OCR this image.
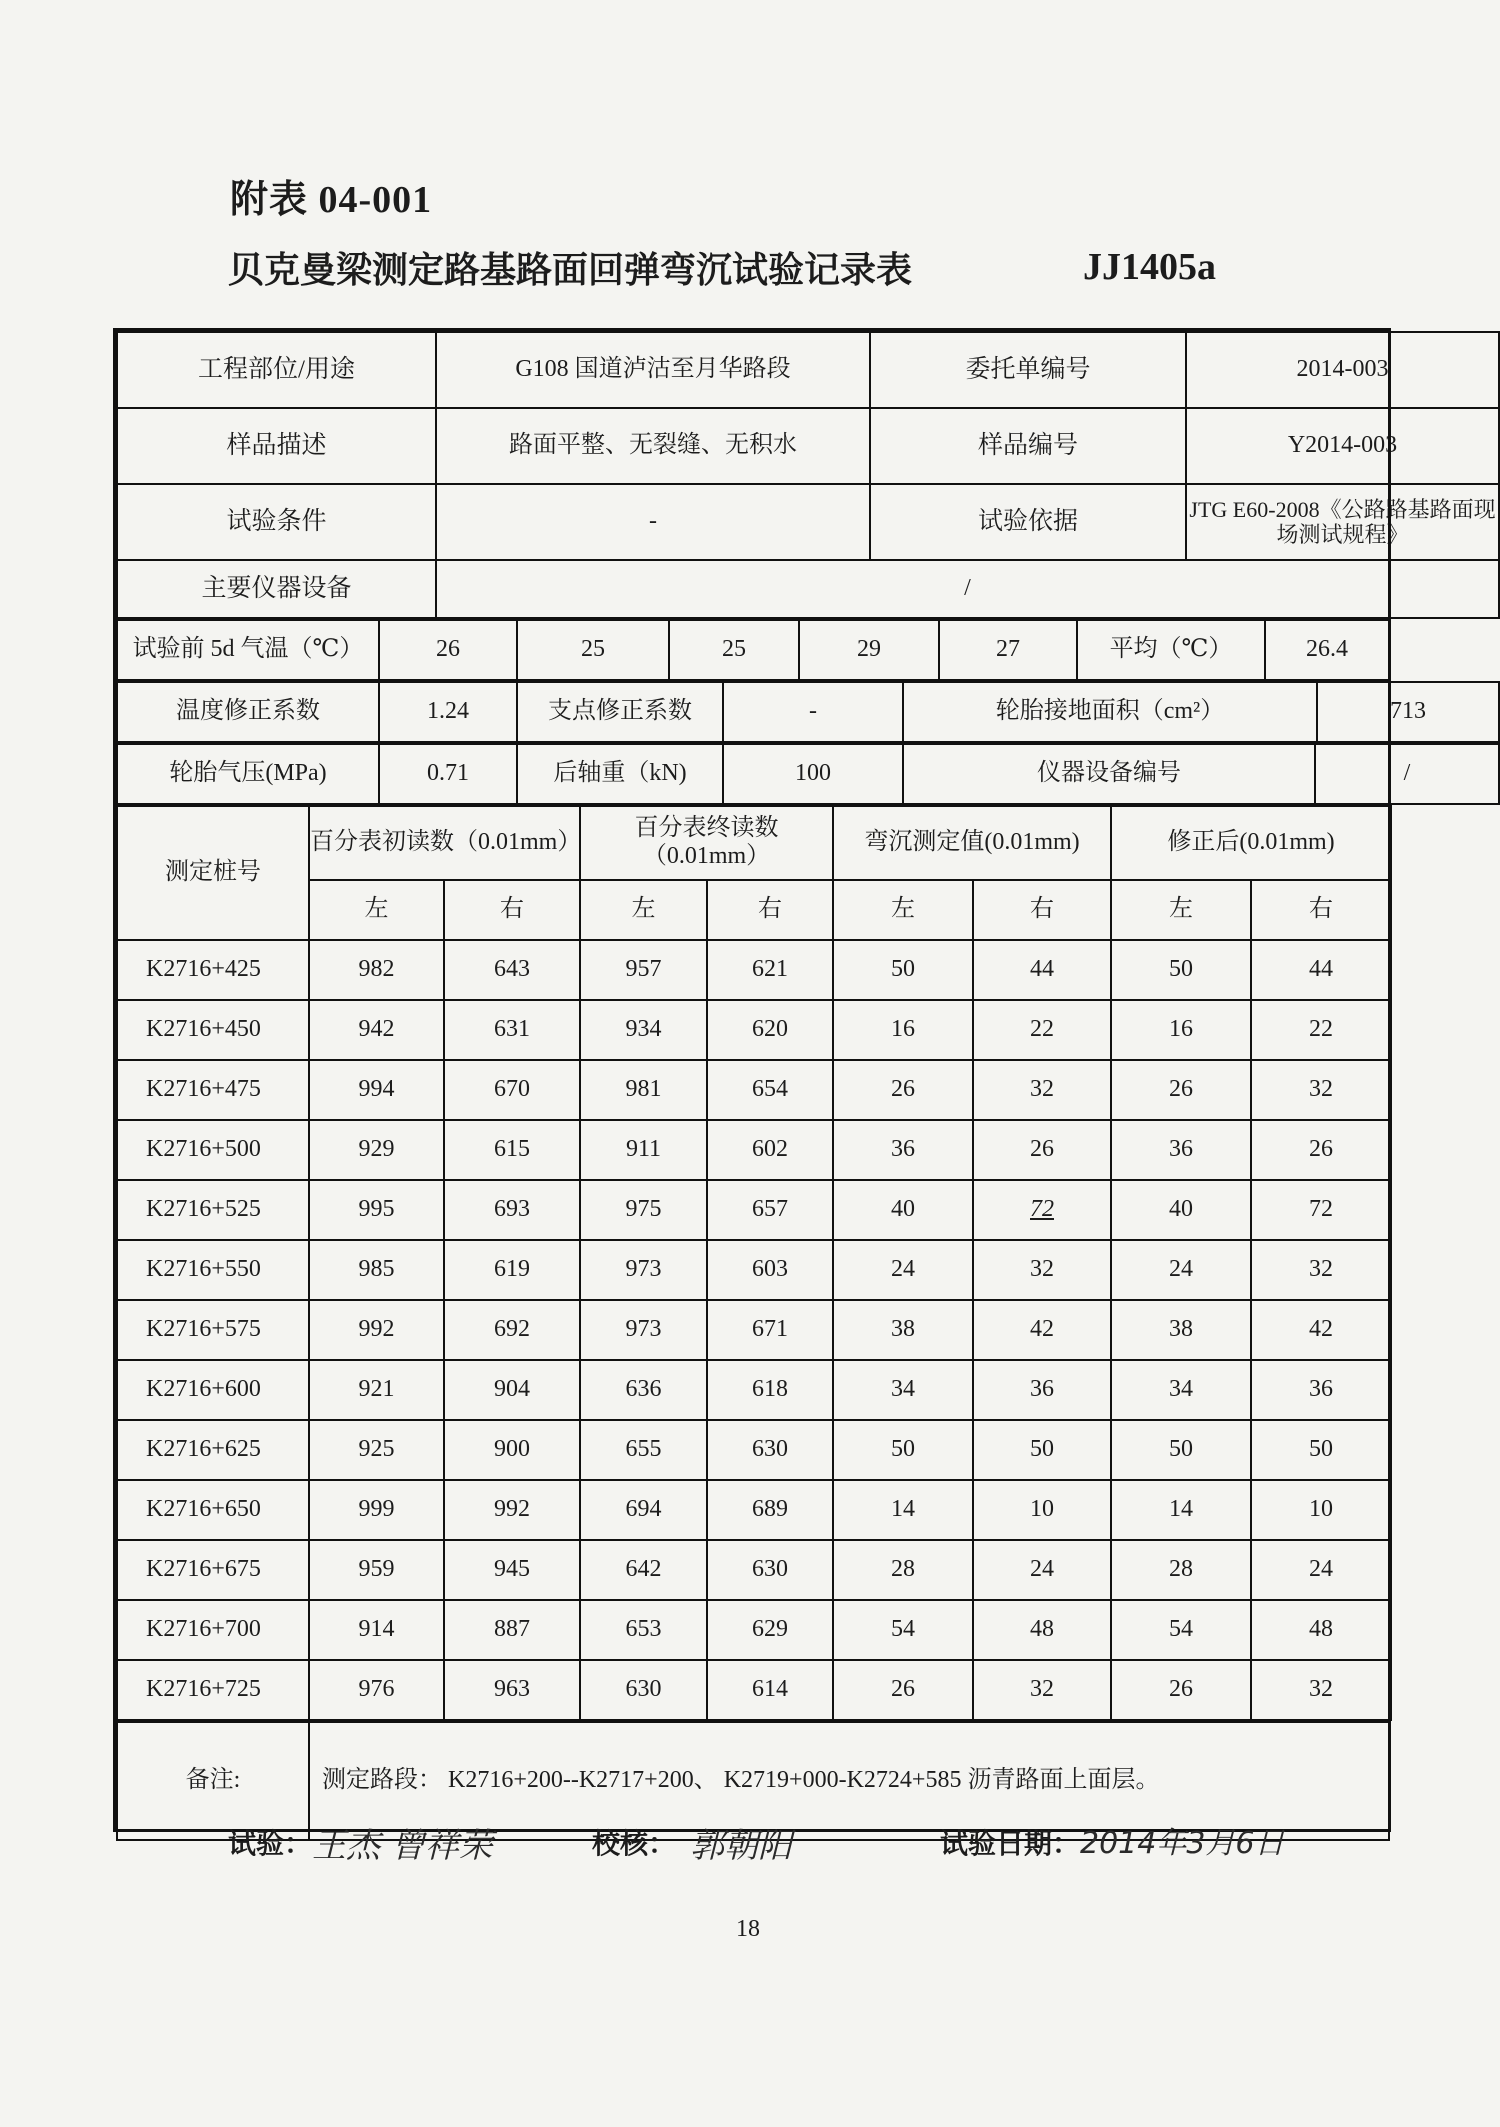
附表 04-001
贝克曼梁测定路基路面回弹弯沉试验记录表	JJ1405a
工程部位/用途	G108 国道泸沽至月华路段	委托单编号	2014-003
样品描述	路面平整、无裂缝、无积水	样品编号	Y2014-003
试验条件	-	试验依据	JTG E60-2008《公路路基路面现场测试规程》
主要仪器设备	/		
试验前 5d 气温（℃）	26	25	25	29	27	平均（℃）	26.4
温度修正系数	1.24	支点修正系数	-	轮胎接地面积（cm²）	713
轮胎气压(MPa)	0.71	后轴重（kN)	100	仪器设备编号	/
测定桩号	百分表初读数（0.01mm）		百分表终读数（0.01mm）		弯沉测定值(0.01mm)		修正后(0.01mm)	
	左	右	左	右	左	右	左	右
K2716+425	982	643	957	621	50	44	50	44
K2716+450	942	631	934	620	16	22	16	22
K2716+475	994	670	981	654	26	32	26	32
K2716+500	929	615	911	602	36	26	36	26
K2716+525	995	693	975	657	40	72	40	72
K2716+550	985	619	973	603	24	32	24	32
K2716+575	992	692	973	671	38	42	38	42
K2716+600	921	904	636	618	34	36	34	36
K2716+625	925	900	655	630	50	50	50	50
K2716+650	999	992	694	689	14	10	14	10
K2716+675	959	945	642	630	28	24	28	24
K2716+700	914	887	653	629	54	48	54	48
K2716+725	976	963	630	614	26	32	26	32
备注:	测定路段： K2716+200--K2717+200、 K2719+000-K2724+585 沥青路面上面层。
试验： 王杰 曾祥荣	校核： 郭朝阳	试验日期： 2014年3月6日
18
